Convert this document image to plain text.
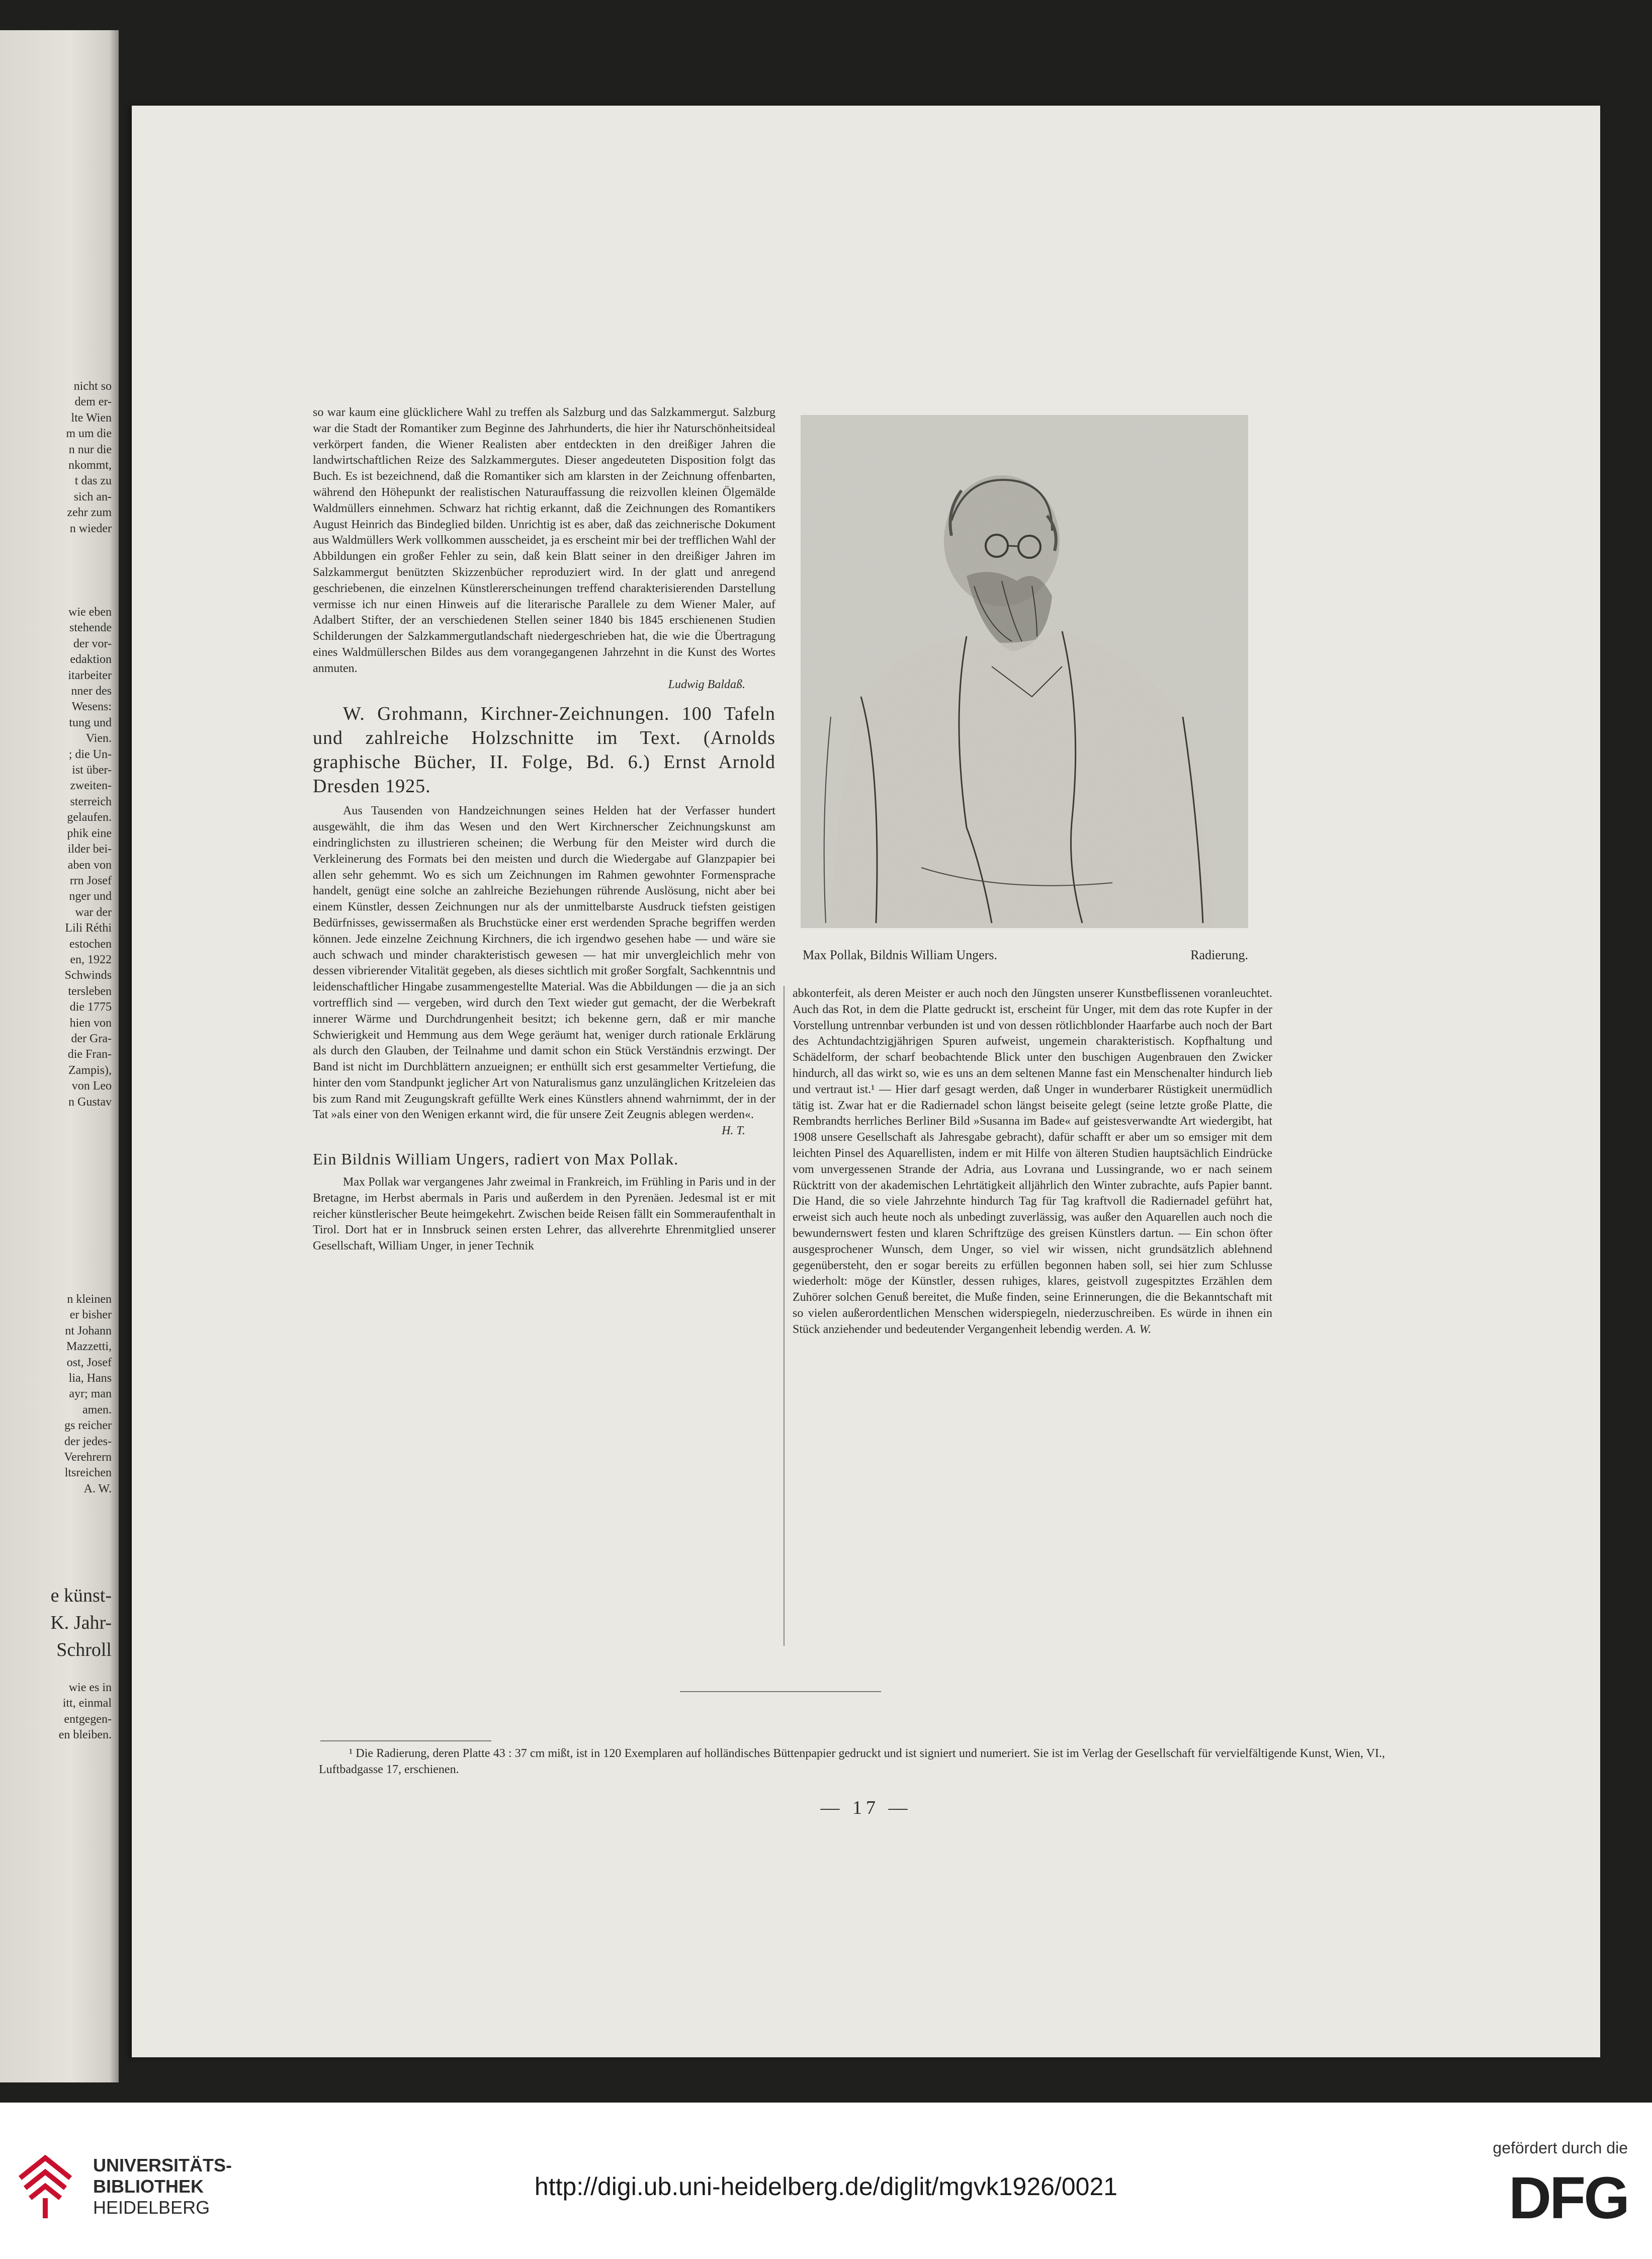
nicht so
dem er-
lte Wien
m um die
n nur die
nkommt,
t das zu
sich an-
zehr zum
n wieder
wie eben
stehende
der vor-
edaktion
itarbeiter
nner des
Wesens:
tung und
Vien.
; die Un-
ist über-
zweiten-
sterreich
gelaufen.
phik eine
ilder bei-
aben von
rrn Josef
nger und
war der
Lili Réthi
estochen
en, 1922
Schwinds
tersleben
die 1775
hien von
der Gra-
die Fran-
Zampis),
von Leo
n Gustav
n kleinen
er bisher
nt Johann
Mazzetti,
ost, Josef
lia, Hans
ayr; man
amen.
gs reicher
der jedes-
Verehrern
ltsreichen
A. W.
e künst-
K. Jahr-
Schroll
wie es in
itt, einmal
entgegen-
en bleiben.

so war kaum eine glücklichere Wahl zu treffen als Salzburg und das Salzkammergut. Salzburg war die Stadt der Romantiker zum Beginne des Jahrhunderts, die hier ihr Naturschönheitsideal verkörpert fanden, die Wiener Realisten aber entdeckten in den dreißiger Jahren die landwirtschaftlichen Reize des Salzkammergutes. Dieser angedeuteten Disposition folgt das Buch. Es ist bezeichnend, daß die Romantiker sich am klarsten in der Zeichnung offenbarten, während den Höhepunkt der realistischen Naturauffassung die reizvollen kleinen Ölgemälde Waldmüllers einnehmen. Schwarz hat richtig erkannt, daß die Zeichnungen des Romantikers August Heinrich das Bindeglied bilden. Unrichtig ist es aber, daß das zeichnerische Dokument aus Waldmüllers Werk vollkommen ausscheidet, ja es erscheint mir bei der trefflichen Wahl der Abbildungen ein großer Fehler zu sein, daß kein Blatt seiner in den dreißiger Jahren im Salzkammergut benützten Skizzenbücher reproduziert wird. In der glatt und anregend geschriebenen, die einzelnen Künstlererscheinungen treffend charakterisierenden Darstellung vermisse ich nur einen Hinweis auf die literarische Parallele zu dem Wiener Maler, auf Adalbert Stifter, der an verschiedenen Stellen seiner 1840 bis 1845 erschienenen Studien Schilderungen der Salzkammergutlandschaft niedergeschrieben hat, die wie die Übertragung eines Waldmüllerschen Bildes aus dem vorangegangenen Jahrzehnt in die Kunst des Wortes anmuten.
Ludwig Baldaß.

W. Grohmann, Kirchner-Zeichnungen. 100 Tafeln und zahlreiche Holzschnitte im Text. (Arnolds graphische Bücher, II. Folge, Bd. 6.) Ernst Arnold Dresden 1925.

Aus Tausenden von Handzeichnungen seines Helden hat der Verfasser hundert ausgewählt, die ihm das Wesen und den Wert Kirchnerscher Zeichnungskunst am eindringlichsten zu illustrieren scheinen; die Werbung für den Meister wird durch die Verkleinerung des Formats bei den meisten und durch die Wiedergabe auf Glanzpapier bei allen sehr gehemmt. Wo es sich um Zeichnungen im Rahmen gewohnter Formensprache handelt, genügt eine solche an zahlreiche Beziehungen rührende Auslösung, nicht aber bei einem Künstler, dessen Zeichnungen nur als der unmittelbarste Ausdruck tiefsten geistigen Bedürfnisses, gewissermaßen als Bruchstücke einer erst werdenden Sprache begriffen werden können. Jede einzelne Zeichnung Kirchners, die ich irgendwo gesehen habe — und wäre sie auch schwach und minder charakteristisch gewesen — hat mir unvergleichlich mehr von dessen vibrierender Vitalität gegeben, als dieses sichtlich mit großer Sorgfalt, Sachkenntnis und leidenschaftlicher Hingabe zusammengestellte Material. Was die Abbildungen — die ja an sich vortrefflich sind — vergeben, wird durch den Text wieder gut gemacht, der die Werbekraft innerer Wärme und Durchdrungenheit besitzt; ich bekenne gern, daß er mir manche Schwierigkeit und Hemmung aus dem Wege geräumt hat, weniger durch rationale Erklärung als durch den Glauben, der Teilnahme und damit schon ein Stück Verständnis erzwingt. Der Band ist nicht im Durchblättern anzueignen; er enthüllt sich erst gesammelter Vertiefung, die hinter den vom Standpunkt jeglicher Art von Naturalismus ganz unzulänglichen Kritzeleien das bis zum Rand mit Zeugungskraft gefüllte Werk eines Künstlers ahnend wahrnimmt, der in der Tat »als einer von den Wenigen erkannt wird, die für unsere Zeit Zeugnis ablegen werden«.
H. T.

Ein Bildnis William Ungers, radiert von Max Pollak.

Max Pollak war vergangenes Jahr zweimal in Frankreich, im Frühling in Paris und in der Bretagne, im Herbst abermals in Paris und außerdem in den Pyrenäen. Jedesmal ist er mit reicher künstlerischer Beute heimgekehrt. Zwischen beide Reisen fällt ein Sommeraufenthalt in Tirol. Dort hat er in Innsbruck seinen ersten Lehrer, das allverehrte Ehrenmitglied unserer Gesellschaft, William Unger, in jener Technik

Max Pollak, Bildnis William Ungers.	Radierung.

abkonterfeit, als deren Meister er auch noch den Jüngsten unserer Kunstbeflissenen voranleuchtet. Auch das Rot, in dem die Platte gedruckt ist, erscheint für Unger, mit dem das rote Kupfer in der Vorstellung untrennbar verbunden ist und von dessen rötlichblonder Haarfarbe auch noch der Bart des Achtundachtzigjährigen Spuren aufweist, ungemein charakteristisch. Kopfhaltung und Schädelform, der scharf beobachtende Blick unter den buschigen Augenbrauen den Zwicker hindurch, all das wirkt so, wie es uns an dem seltenen Manne fast ein Menschenalter hindurch lieb und vertraut ist.¹ — Hier darf gesagt werden, daß Unger in wunderbarer Rüstigkeit unermüdlich tätig ist. Zwar hat er die Radiernadel schon längst beiseite gelegt (seine letzte große Platte, die Rembrandts herrliches Berliner Bild »Susanna im Bade« auf geistesverwandte Art wiedergibt, hat 1908 unsere Gesellschaft als Jahresgabe gebracht), dafür schafft er aber um so emsiger mit dem leichten Pinsel des Aquarellisten, indem er mit Hilfe von älteren Studien hauptsächlich Eindrücke vom unvergessenen Strande der Adria, aus Lovrana und Lussingrande, wo er nach seinem Rücktritt von der akademischen Lehrtätigkeit alljährlich den Winter zubrachte, aufs Papier bannt. Die Hand, die so viele Jahrzehnte hindurch Tag für Tag kraftvoll die Radiernadel geführt hat, erweist sich auch heute noch als unbedingt zuverlässig, was außer den Aquarellen auch noch die bewundernswert festen und klaren Schriftzüge des greisen Künstlers dartun. — Ein schon öfter ausgesprochener Wunsch, dem Unger, so viel wir wissen, nicht grundsätzlich ablehnend gegenübersteht, den er sogar bereits zu erfüllen begonnen haben soll, sei hier zum Schlusse wiederholt: möge der Künstler, dessen ruhiges, klares, geistvoll zugespitztes Erzählen dem Zuhörer solchen Genuß bereitet, die Muße finden, seine Erinnerungen, die die Bekanntschaft mit so vielen außerordentlichen Menschen widerspiegeln, niederzuschreiben. Es würde in ihnen ein Stück anziehender und bedeutender Vergangenheit lebendig werden. A. W.

¹ Die Radierung, deren Platte 43 : 37 cm mißt, ist in 120 Exemplaren auf holländisches Büttenpapier gedruckt und ist signiert und numeriert. Sie ist im Verlag der Gesellschaft für vervielfältigende Kunst, Wien, VI., Luftbadgasse 17, erschienen.
— 17 —
UNIVERSITÄTS-
BIBLIOTHEK
HEIDELBERG
http://digi.ub.uni-heidelberg.de/diglit/mgvk1926/0021
gefördert durch die
DFG
